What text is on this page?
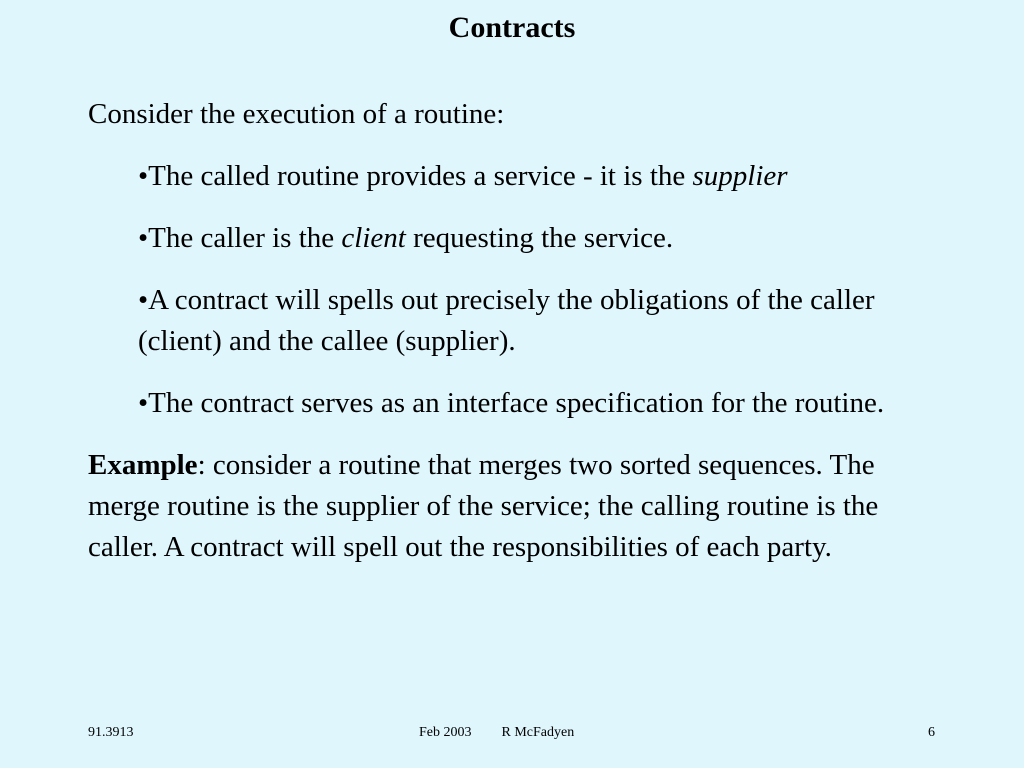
Contracts

Consider the execution of a routine:

•The called routine provides a service - it is the supplier

•The caller is the client requesting the service.

•A contract will spells out precisely the obligations of the caller (client) and the callee (supplier).

•The contract serves as an interface specification for the routine.

Example: consider a routine that merges two sorted sequences. The merge routine is the supplier of the service; the calling routine is the caller. A contract will spell out the responsibilities of each party.

91.3913	Feb 2003 R McFadyen	6
